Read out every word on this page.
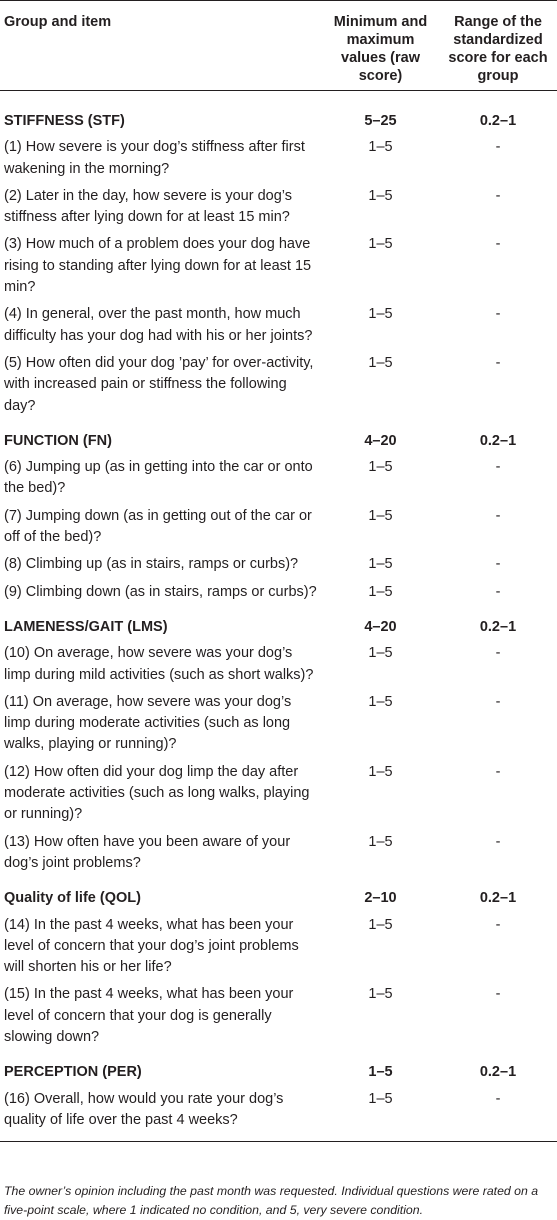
Group and item	Minimum and maximum values (raw score)	Range of the standardized score for each group
STIFFNESS (STF)	5–25	0.2–1
(1) How severe is your dog’s stiffness after first wakening in the morning?	1–5	-
(2) Later in the day, how severe is your dog’s stiffness after lying down for at least 15 min?	1–5	-
(3) How much of a problem does your dog have rising to standing after lying down for at least 15 min?	1–5	-
(4) In general, over the past month, how much difficulty has your dog had with his or her joints?	1–5	-
(5) How often did your dog ’pay’ for over-activity, with increased pain or stiffness the following day?	1–5	-
FUNCTION (FN)	4–20	0.2–1
(6) Jumping up (as in getting into the car or onto the bed)?	1–5	-
(7) Jumping down (as in getting out of the car or off of the bed)?	1–5	-
(8) Climbing up (as in stairs, ramps or curbs)?	1–5	-
(9) Climbing down (as in stairs, ramps or curbs)?	1–5	-
LAMENESS/GAIT (LMS)	4–20	0.2–1
(10) On average, how severe was your dog’s limp during mild activities (such as short walks)?	1–5	-
(11) On average, how severe was your dog’s limp during moderate activities (such as long walks, playing or running)?	1–5	-
(12) How often did your dog limp the day after moderate activities (such as long walks, playing or running)?	1–5	-
(13) How often have you been aware of your dog’s joint problems?	1–5	-
Quality of life (QOL)	2–10	0.2–1
(14) In the past 4 weeks, what has been your level of concern that your dog’s joint problems will shorten his or her life?	1–5	-
(15) In the past 4 weeks, what has been your level of concern that your dog is generally slowing down?	1–5	-
PERCEPTION (PER)	1–5	0.2–1
(16) Overall, how would you rate your dog’s quality of life over the past 4 weeks?	1–5	-
The owner’s opinion including the past month was requested. Individual questions were rated on a five-point scale, where 1 indicated no condition, and 5, very severe condition.
